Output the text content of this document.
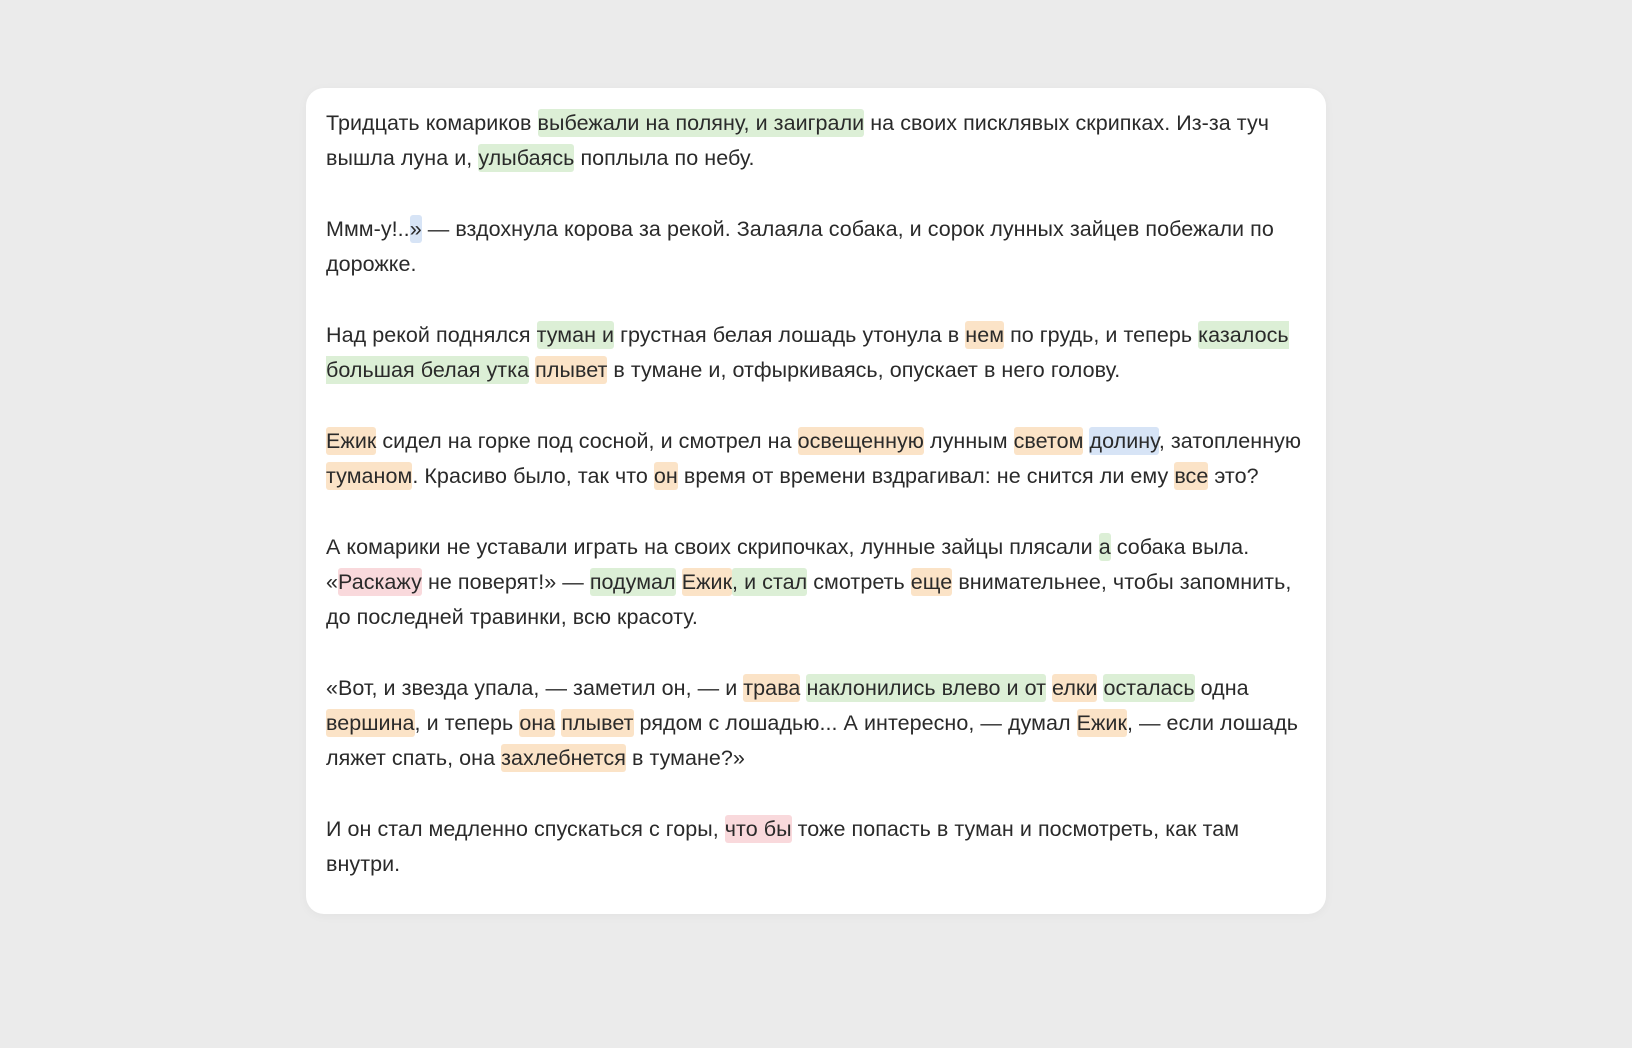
Тридцать комариков выбежали на поляну, и заиграли на своих писклявых скрипках. Из-за туч вышла луна и, улыбаясь поплыла по небу.

Ммм-у!..» — вздохнула корова за рекой. Залаяла собака, и сорок лунных зайцев побежали по дорожке.

Над рекой поднялся туман и грустная белая лошадь утонула в нем по грудь, и теперь казалось большая белая утка плывет в тумане и, отфыркиваясь, опускает в него голову.

Ежик сидел на горке под сосной, и смотрел на освещенную лунным светом долину, затопленную туманом. Красиво было, так что он время от времени вздрагивал: не снится ли ему все это?

А комарики не уставали играть на своих скрипочках, лунные зайцы плясали а собака выла. «Раскажу не поверят!» — подумал Ежик, и стал смотреть еще внимательнее, чтобы запомнить, до последней травинки, всю красоту.

«Вот, и звезда упала, — заметил он, — и трава наклонились влево и от елки осталась одна вершина, и теперь она плывет рядом с лошадью... А интересно, — думал Ежик, — если лошадь ляжет спать, она захлебнется в тумане?»

И он стал медленно спускаться с горы, что бы тоже попасть в туман и посмотреть, как там внутри.
